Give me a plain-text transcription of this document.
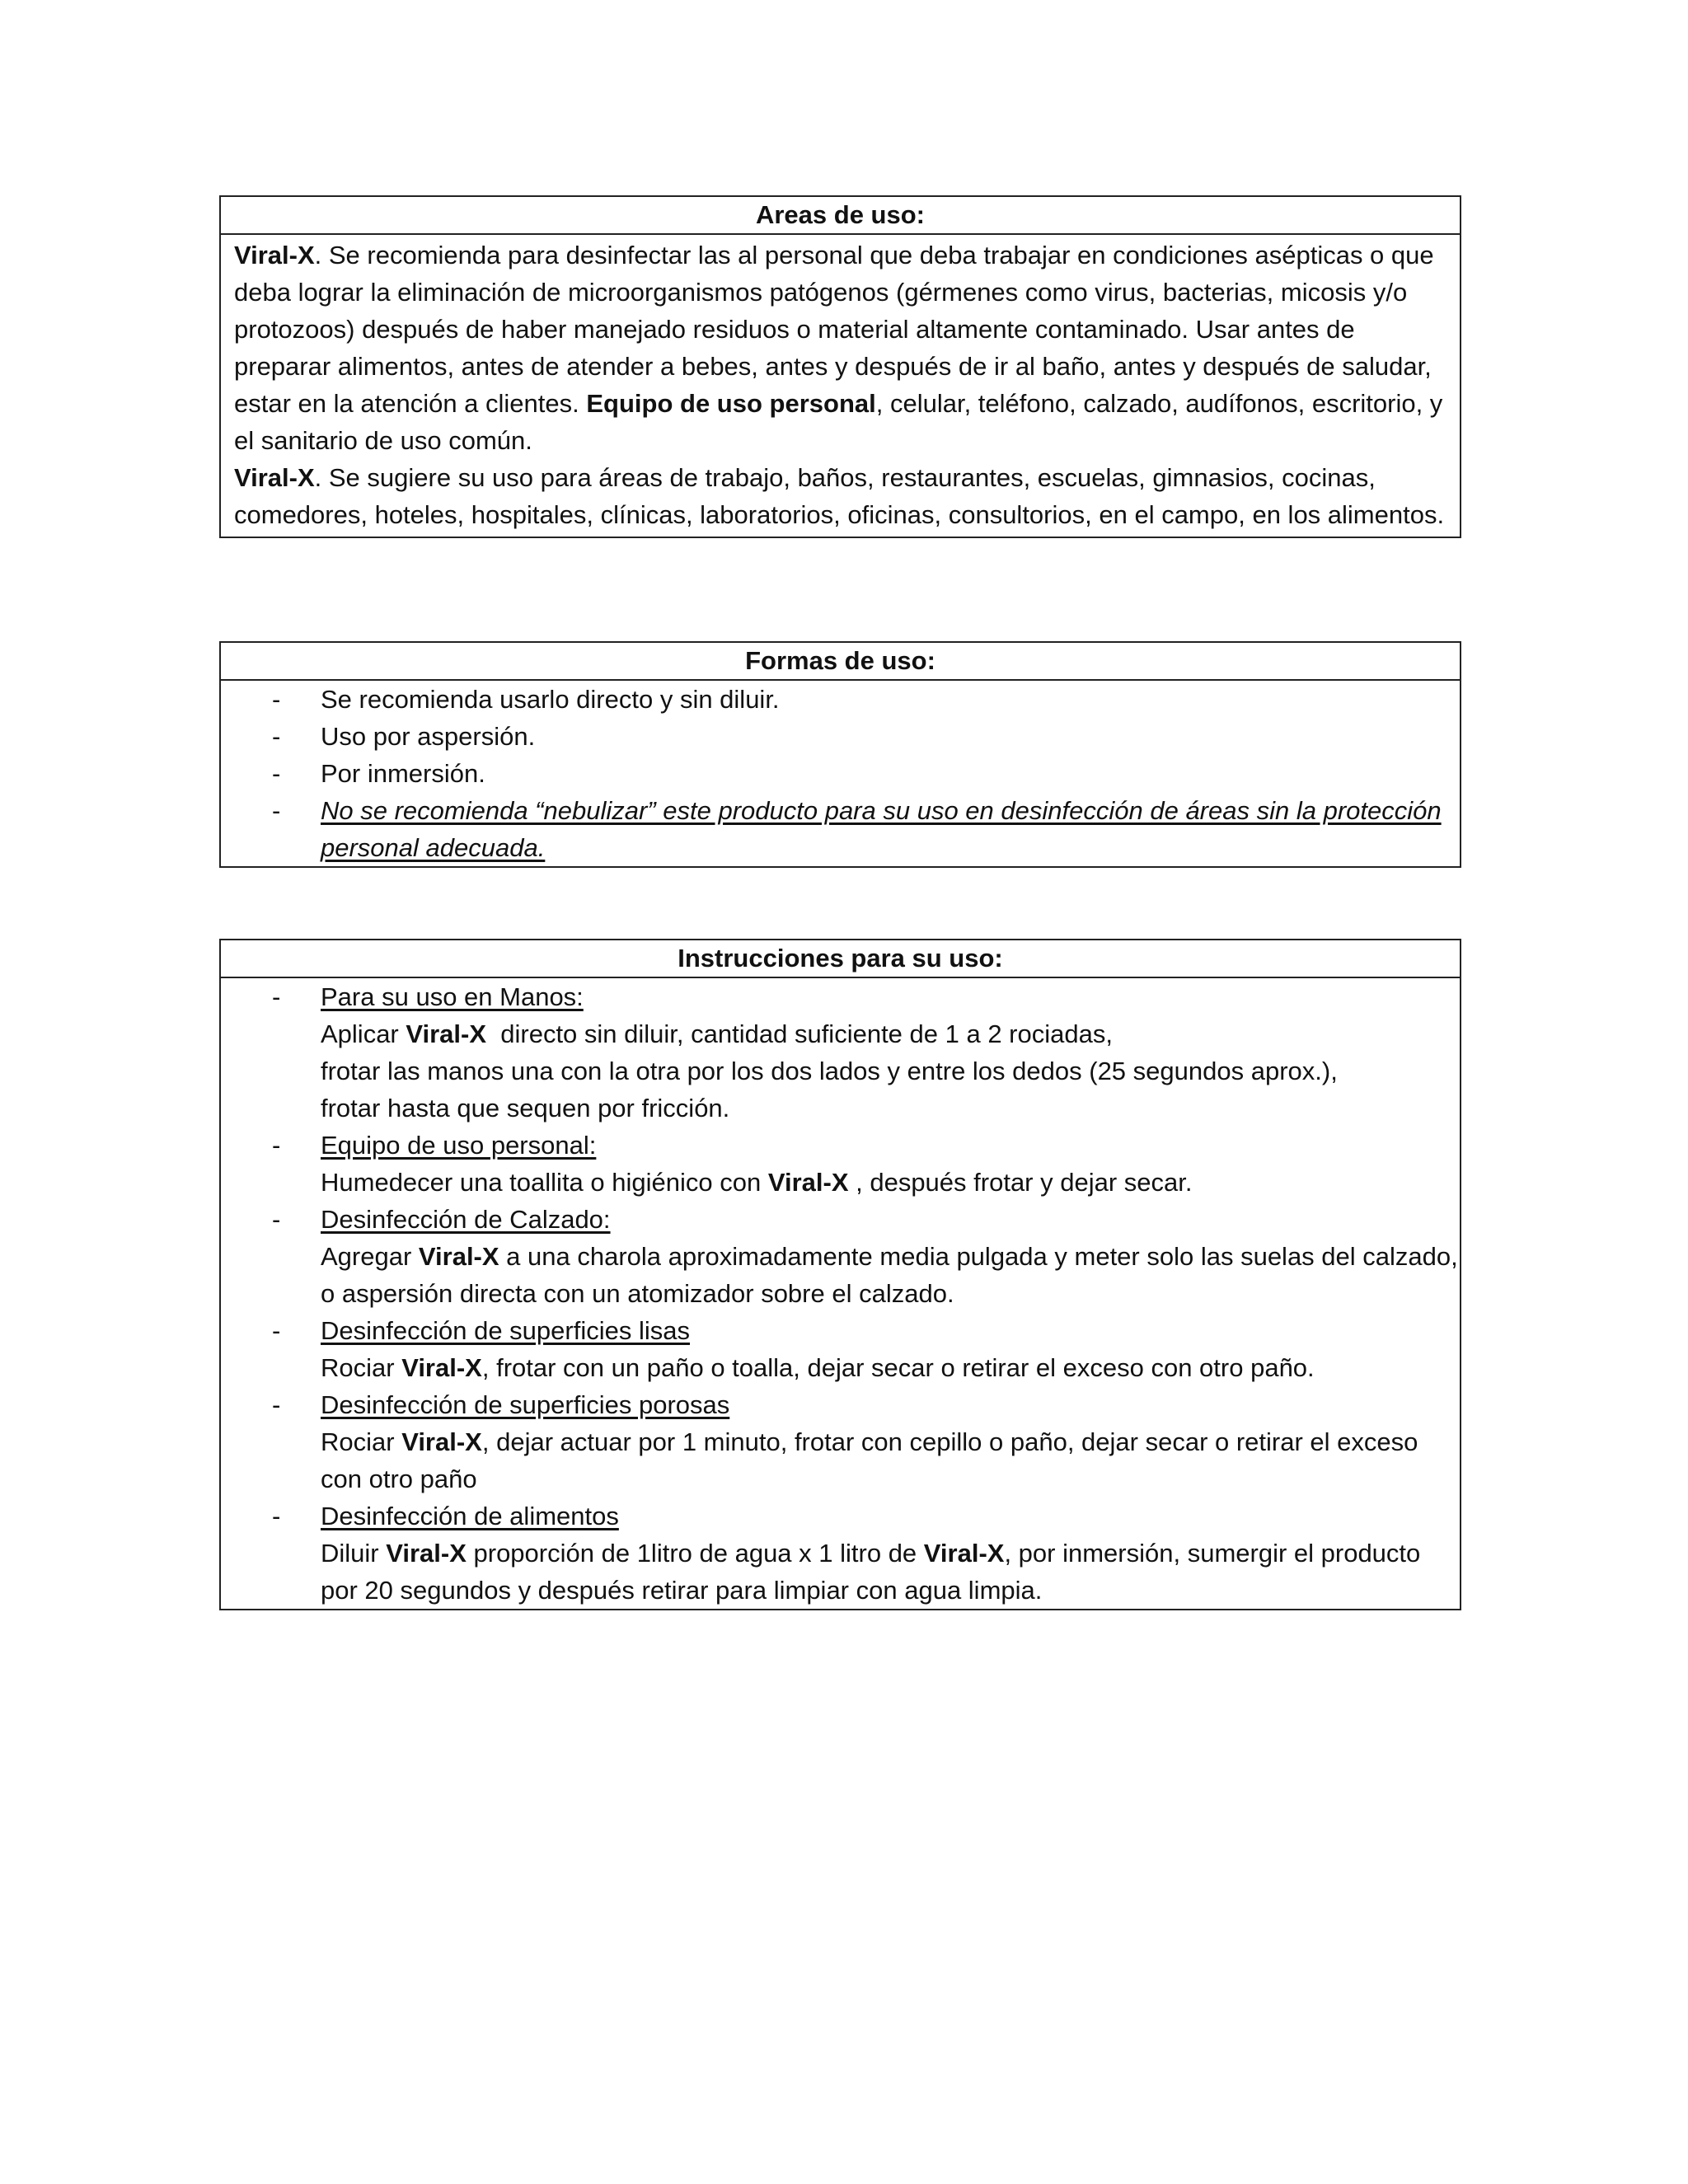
Areas de uso:

Viral-X. Se recomienda para desinfectar las al personal que deba trabajar en condiciones asépticas o que deba lograr la eliminación de microorganismos patógenos (gérmenes como virus, bacterias, micosis y/o protozoos) después de haber manejado residuos o material altamente contaminado. Usar antes de preparar alimentos, antes de atender a bebes, antes y después de ir al baño, antes y después de saludar, estar en la atención a clientes. Equipo de uso personal, celular, teléfono, calzado, audífonos, escritorio, y el sanitario de uso común.

Viral-X. Se sugiere su uso para áreas de trabajo, baños, restaurantes, escuelas, gimnasios, cocinas, comedores, hoteles, hospitales, clínicas, laboratorios, oficinas, consultorios, en el campo, en los alimentos.

Formas de uso:
- Se recomienda usarlo directo y sin diluir.
- Uso por aspersión.
- Por inmersión.
- No se recomienda “nebulizar” este producto para su uso en desinfección de áreas sin la protección personal adecuada.
Instrucciones para su uso:
- Para su uso en Manos:
Aplicar Viral-X  directo sin diluir, cantidad suficiente de 1 a 2 rociadas,
frotar las manos una con la otra por los dos lados y entre los dedos (25 segundos aprox.),
frotar hasta que sequen por fricción.
- Equipo de uso personal:
Humedecer una toallita o higiénico con Viral-X , después frotar y dejar secar.
- Desinfección de Calzado:
Agregar Viral-X a una charola aproximadamente media pulgada y meter solo las suelas del calzado, o aspersión directa con un atomizador sobre el calzado.
- Desinfección de superficies lisas
Rociar Viral-X, frotar con un paño o toalla, dejar secar o retirar el exceso con otro paño.
- Desinfección de superficies porosas
Rociar Viral-X, dejar actuar por 1 minuto, frotar con cepillo o paño, dejar secar o retirar el exceso con otro paño
- Desinfección de alimentos
Diluir Viral-X proporción de 1litro de agua x 1 litro de Viral-X, por inmersión, sumergir el producto por 20 segundos y después retirar para limpiar con agua limpia.
